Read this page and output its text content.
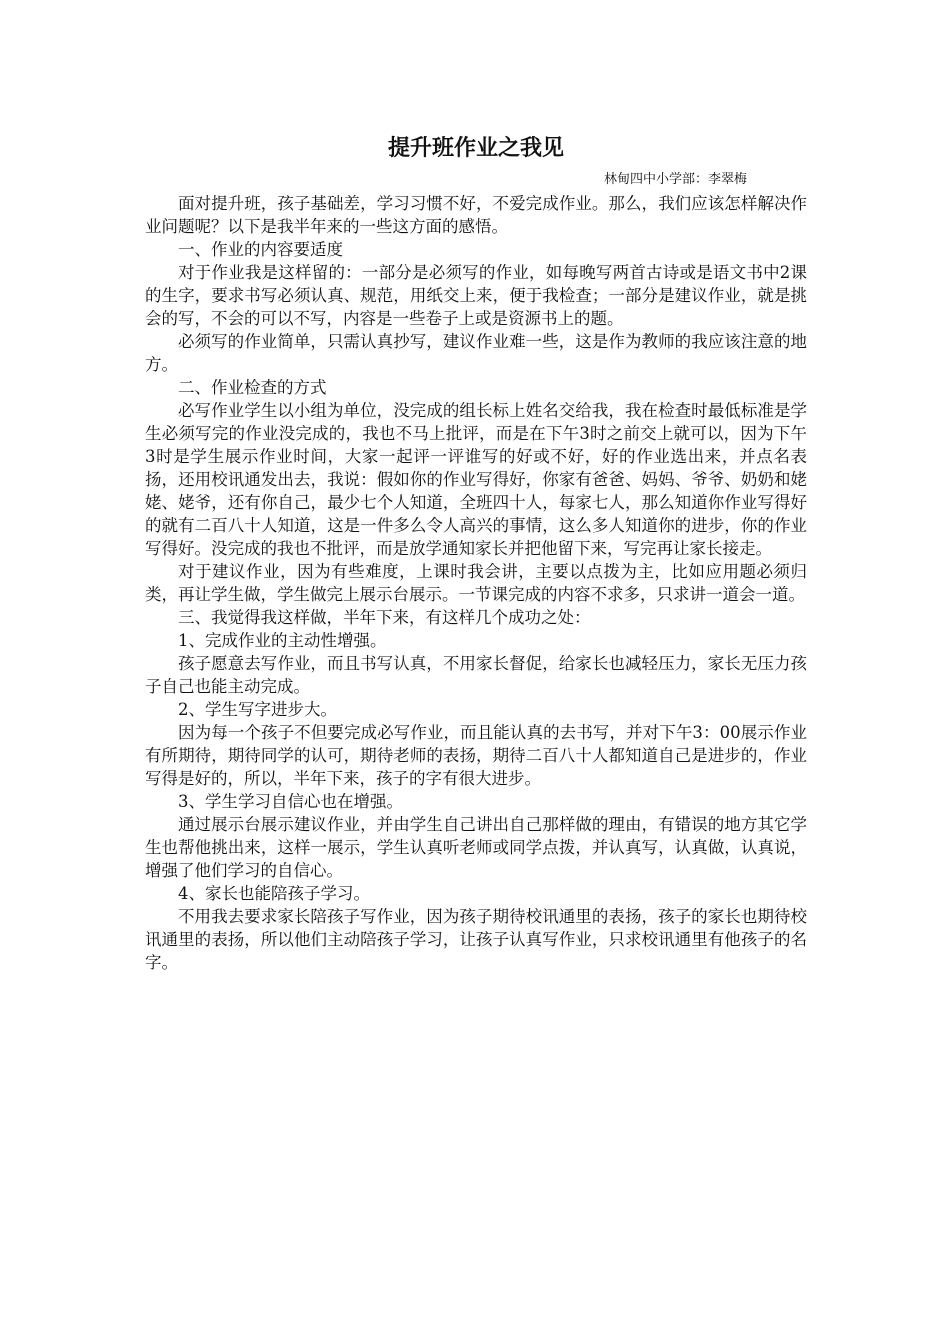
提升班作业之我见
林甸四中小学部：李翠梅

面对提升班，孩子基础差，学习习惯不好，不爱完成作业。那么，我们应该怎样解决作业问题呢？以下是我半年来的一些这方面的感悟。

一、作业的内容要适度

对于作业我是这样留的：一部分是必须写的作业，如每晚写两首古诗或是语文书中2课的生字，要求书写必须认真、规范，用纸交上来，便于我检查；一部分是建议作业，就是挑会的写，不会的可以不写，内容是一些卷子上或是资源书上的题。

必须写的作业简单，只需认真抄写，建议作业难一些，这是作为教师的我应该注意的地方。

二、作业检查的方式

必写作业学生以小组为单位，没完成的组长标上姓名交给我，我在检查时最低标准是学生必须写完的作业没完成的，我也不马上批评，而是在下午3时之前交上就可以，因为下午3时是学生展示作业时间，大家一起评一评谁写的好或不好，好的作业选出来，并点名表扬，还用校讯通发出去，我说：假如你的作业写得好，你家有爸爸、妈妈、爷爷、奶奶和姥姥、姥爷，还有你自己，最少七个人知道，全班四十人，每家七人，那么知道你作业写得好的就有二百八十人知道，这是一件多么令人高兴的事情，这么多人知道你的进步，你的作业写得好。没完成的我也不批评，而是放学通知家长并把他留下来，写完再让家长接走。

对于建议作业，因为有些难度，上课时我会讲，主要以点拨为主，比如应用题必须归类，再让学生做，学生做完上展示台展示。一节课完成的内容不求多，只求讲一道会一道。

三、我觉得我这样做，半年下来，有这样几个成功之处：

1、完成作业的主动性增强。

孩子愿意去写作业，而且书写认真，不用家长督促，给家长也减轻压力，家长无压力孩子自己也能主动完成。

2、学生写字进步大。

因为每一个孩子不但要完成必写作业，而且能认真的去书写，并对下午3：00展示作业有所期待，期待同学的认可，期待老师的表扬，期待二百八十人都知道自己是进步的，作业写得是好的，所以，半年下来，孩子的字有很大进步。

3、学生学习自信心也在增强。

通过展示台展示建议作业，并由学生自己讲出自己那样做的理由，有错误的地方其它学生也帮他挑出来，这样一展示，学生认真听老师或同学点拨，并认真写，认真做，认真说，增强了他们学习的自信心。

4、家长也能陪孩子学习。

不用我去要求家长陪孩子写作业，因为孩子期待校讯通里的表扬，孩子的家长也期待校讯通里的表扬，所以他们主动陪孩子学习，让孩子认真写作业，只求校讯通里有他孩子的名字。
